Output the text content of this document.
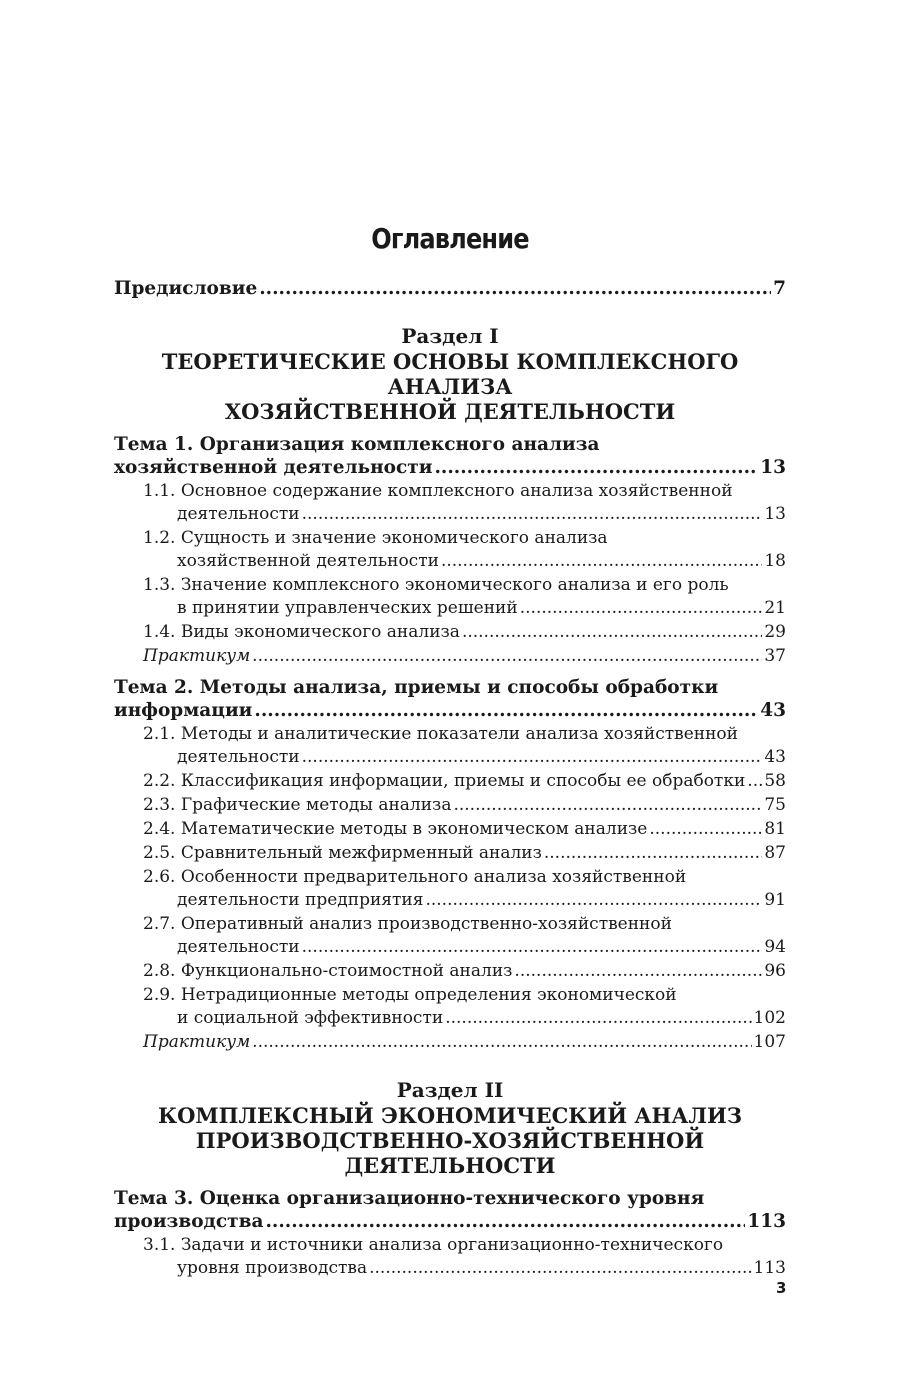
Оглавление
Предисловие .....	7
Раздел I
ТЕОРЕТИЧЕСКИЕ ОСНОВЫ КОМПЛЕКСНОГО АНАЛИЗА
ХОЗЯЙСТВЕННОЙ ДЕЯТЕЛЬНОСТИ
Тема 1. Организация комплексного анализа
хозяйственной деятельности .....	13
1.1. Основное содержание комплексного анализа хозяйственной
деятельности .....	13
1.2. Сущность и значение экономического анализа
хозяйственной деятельности .....	18
1.3. Значение комплексного экономического анализа и его роль
в принятии управленческих решений .....	21
1.4. Виды экономического анализа .....	29
Практикум .....	37
Тема 2. Методы анализа, приемы и способы обработки
информации .....	43
2.1. Методы и аналитические показатели анализа хозяйственной
деятельности .....	43
2.2. Классификация информации, приемы и способы ее обработки ..... 58
2.3. Графические методы анализа .....	75
2.4. Математические методы в экономическом анализе .....	81
2.5. Сравнительный межфирменный анализ .....	87
2.6. Особенности предварительного анализа хозяйственной
деятельности предприятия .....	91
2.7. Оперативный анализ производственно-хозяйственной
деятельности .....	94
2.8. Функционально-стоимостной анализ .....	96
2.9. Нетрадиционные методы определения экономической
и социальной эффективности .....	102
Практикум .....	107
Раздел II
КОМПЛЕКСНЫЙ ЭКОНОМИЧЕСКИЙ АНАЛИЗ
ПРОИЗВОДСТВЕННО-ХОЗЯЙСТВЕННОЙ ДЕЯТЕЛЬНОСТИ
Тема 3. Оценка организационно-технического уровня
производства .....	113
3.1. Задачи и источники анализа организационно-технического
уровня производства .....	113
3
